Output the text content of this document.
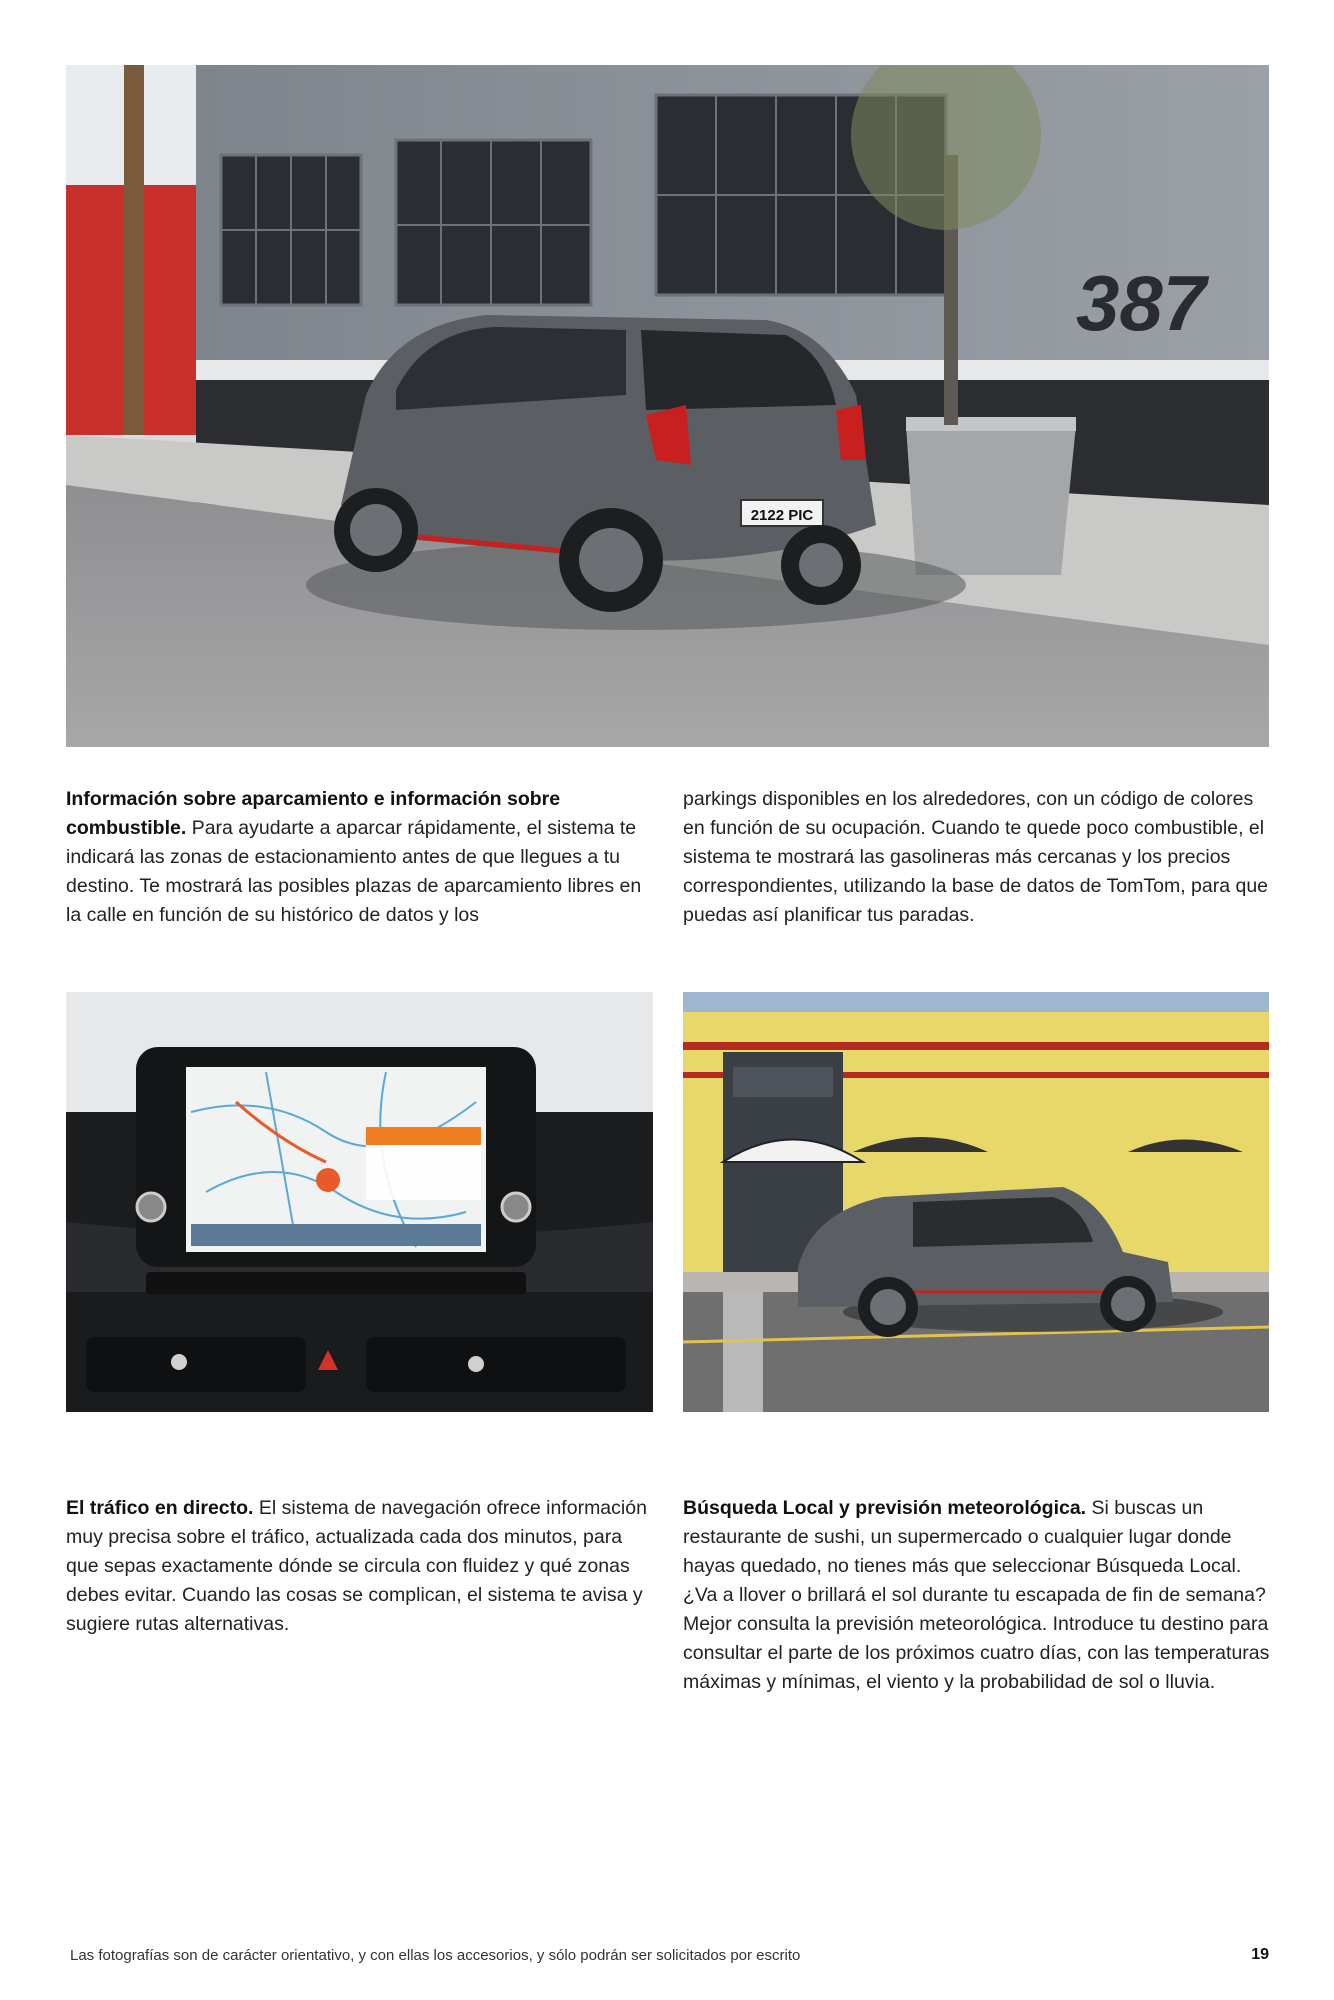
387
2122 PIC

Información sobre aparcamiento e información sobre combustible. Para ayudarte a aparcar rápidamente, el sistema te indicará las zonas de estacionamiento antes de que llegues a tu destino. Te mostrará las posibles plazas de aparcamiento libres en la calle en función de su histórico de datos y los

parkings disponibles en los alrededores, con un código de colores en función de su ocupación. Cuando te quede poco combustible, el sistema te mostrará las gasolineras más cercanas y los precios correspondientes, utilizando la base de datos de TomTom, para que puedas así planificar tus paradas.

El tráfico en directo. El sistema de navegación ofrece información muy precisa sobre el tráfico, actualizada cada dos minutos, para que sepas exactamente dónde se circula con fluidez y qué zonas debes evitar. Cuando las cosas se complican, el sistema te avisa y sugiere rutas alternativas.

Búsqueda Local y previsión meteorológica. Si buscas un restaurante de sushi, un supermercado o cualquier lugar donde hayas quedado, no tienes más que seleccionar Búsqueda Local. ¿Va a llover o brillará el sol durante tu escapada de fin de semana? Mejor consulta la previsión meteorológica. Introduce tu destino para consultar el parte de los próximos cuatro días, con las temperaturas máximas y mínimas, el viento y la probabilidad de sol o lluvia.

Las fotografías son de carácter orientativo, y con ellas los accesorios, y sólo podrán ser solicitados por escrito	19
